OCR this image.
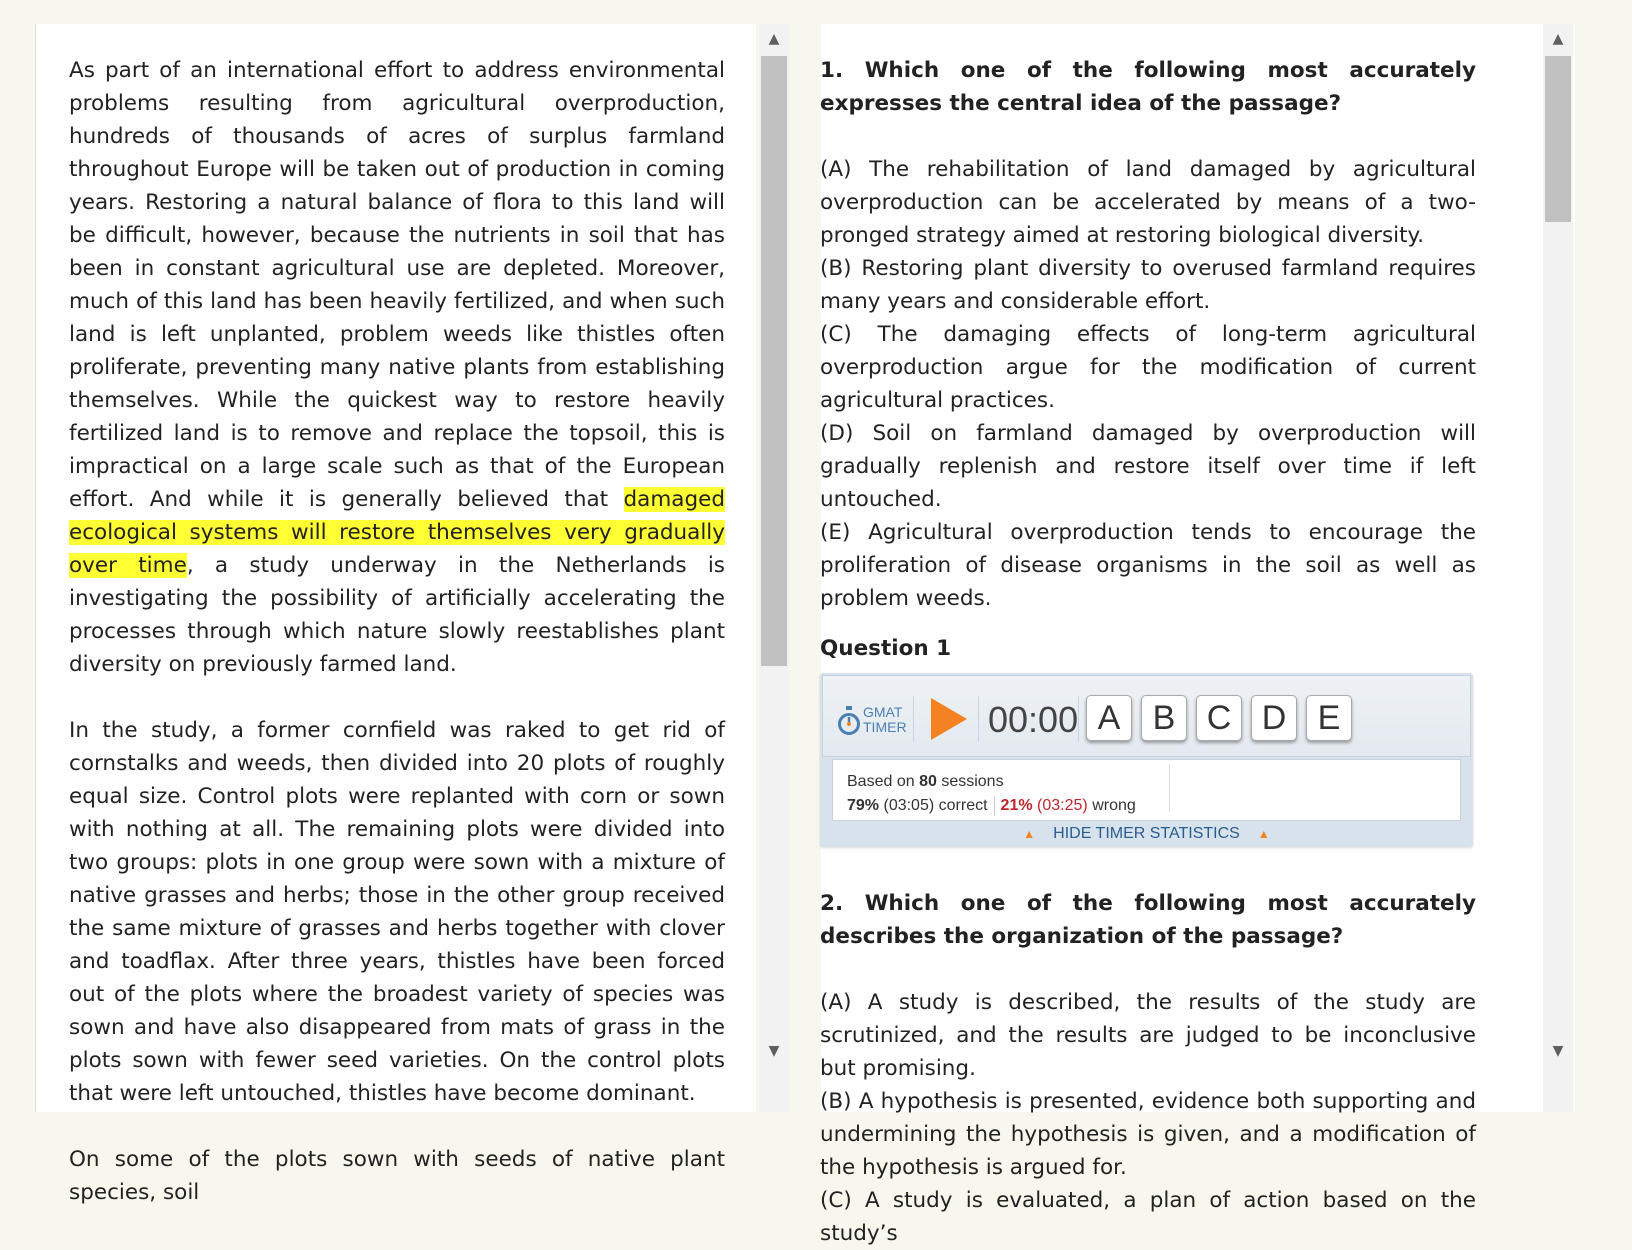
As part of an international effort to address environmental problems resulting from agricultural overproduction, hundreds of thousands of acres of surplus farmland throughout Europe will be taken out of production in coming years. Restoring a natural balance of flora to this land will be difficult, however, because the nutrients in soil that has been in constant agricultural use are depleted. Moreover, much of this land has been heavily fertilized, and when such land is left unplanted, problem weeds like thistles often proliferate, preventing many native plants from establishing themselves. While the quickest way to restore heavily fertilized land is to remove and replace the topsoil, this is impractical on a large scale such as that of the European effort. And while it is generally believed that damaged ecological systems will restore themselves very gradually over time, a study underway in the Netherlands is investigating the possibility of artificially accelerating the processes through which nature slowly reestablishes plant diversity on previously farmed land.

In the study, a former cornfield was raked to get rid of cornstalks and weeds, then divided into 20 plots of roughly equal size. Control plots were replanted with corn or sown with nothing at all. The remaining plots were divided into two groups: plots in one group were sown with a mixture of native grasses and herbs; those in the other group received the same mixture of grasses and herbs together with clover and toadflax. After three years, thistles have been forced out of the plots where the broadest variety of species was sown and have also disappeared from mats of grass in the plots sown with fewer seed varieties. On the control plots that were left untouched, thistles have become dominant.

On some of the plots sown with seeds of native plant species, soil

▲
▼

1. Which one of the following most accurately expresses the central idea of the passage?

(A) The rehabilitation of land damaged by agricultural overproduction can be accelerated by means of a two-pronged strategy aimed at restoring biological diversity.

(B) Restoring plant diversity to overused farmland requires many years and considerable effort.

(C) The damaging effects of long-term agricultural overproduction argue for the modification of current agricultural practices.

(D) Soil on farmland damaged by overproduction will gradually replenish and restore itself over time if left untouched.

(E) Agricultural overproduction tends to encourage the proliferation of disease organisms in the soil as well as problem weeds.

Question 1
GMAT
TIMER 00:00 A B C D E
Based on 80 sessions
79% (03:05) correct 21% (03:25) wrong
▲ HIDE TIMER STATISTICS ▲

2. Which one of the following most accurately describes the organization of the passage?

(A) A study is described, the results of the study are scrutinized, and the results are judged to be inconclusive but promising.

(B) A hypothesis is presented, evidence both supporting and undermining the hypothesis is given, and a modification of the hypothesis is argued for.

(C) A study is evaluated, a plan of action based on the study’s

▲
▼
